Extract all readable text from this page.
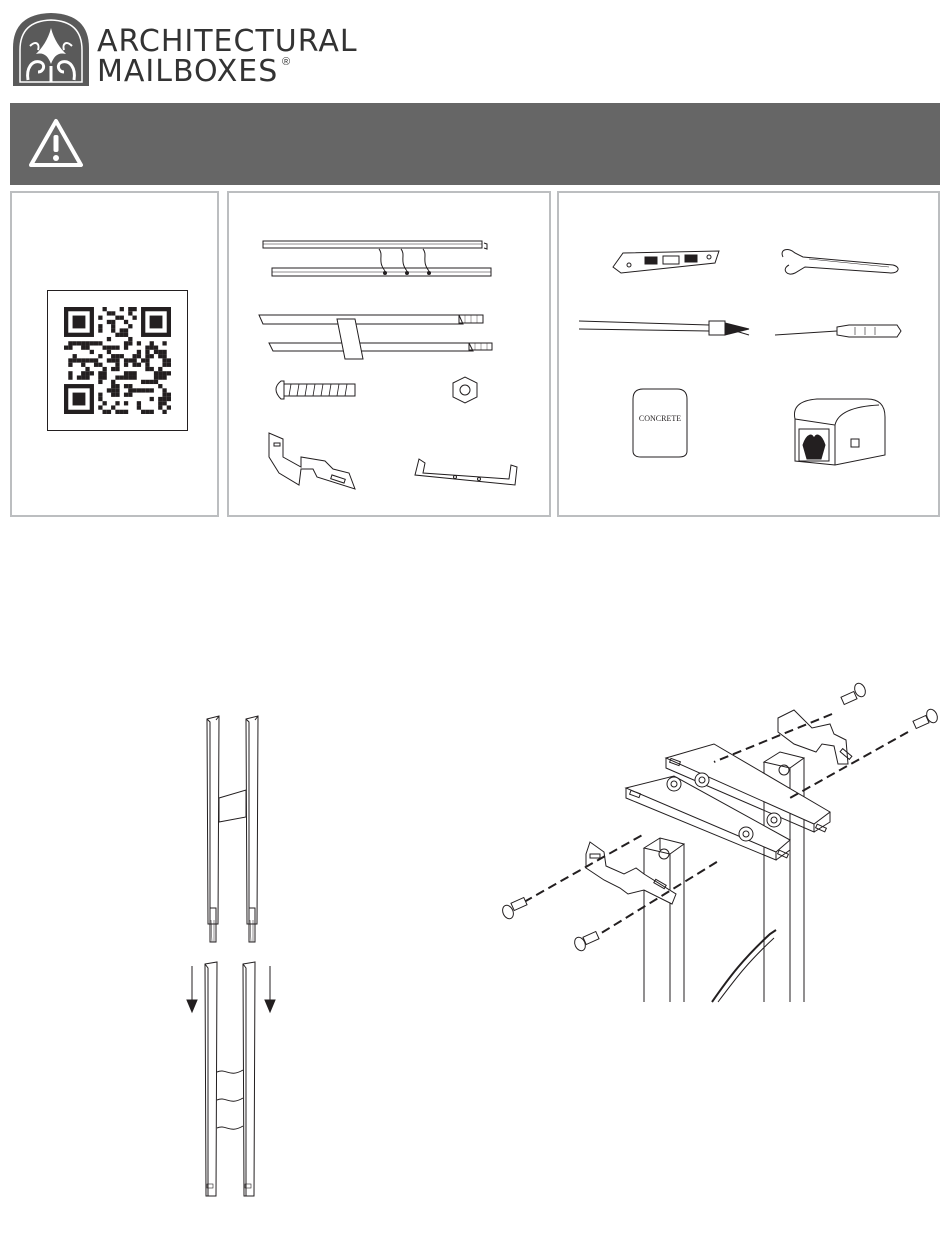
ARCHITECTURAL
MAILBOXES ®
CONCRETE
